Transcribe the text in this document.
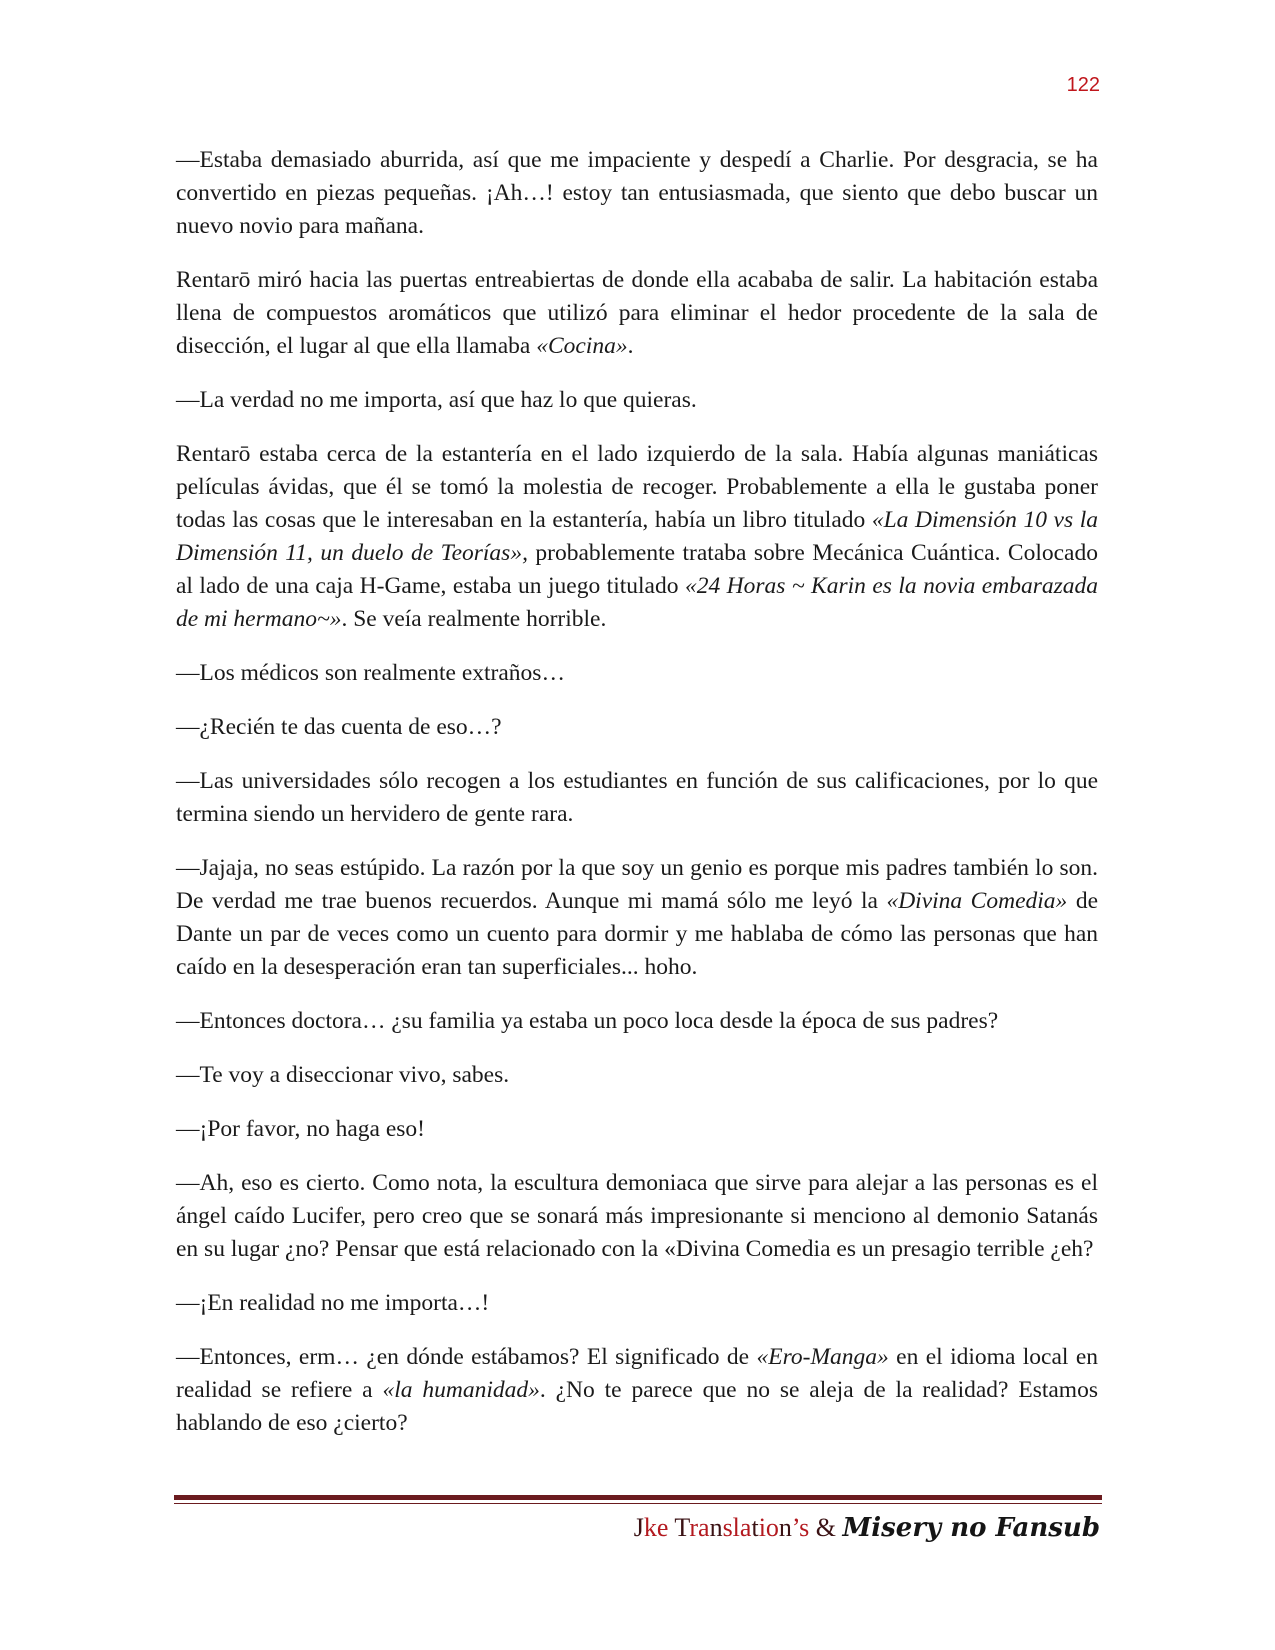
122

—Estaba demasiado aburrida, así que me impaciente y despedí a Charlie. Por desgracia, se ha convertido en piezas pequeñas. ¡Ah…! estoy tan entusiasmada, que siento que debo buscar un nuevo novio para mañana.

Rentarō miró hacia las puertas entreabiertas de donde ella acababa de salir. La habitación estaba llena de compuestos aromáticos que utilizó para eliminar el hedor procedente de la sala de disección, el lugar al que ella llamaba «Cocina».

—La verdad no me importa, así que haz lo que quieras.

Rentarō estaba cerca de la estantería en el lado izquierdo de la sala. Había algunas maniáticas películas ávidas, que él se tomó la molestia de recoger. Probablemente a ella le gustaba poner todas las cosas que le interesaban en la estantería, había un libro titulado «La Dimensión 10 vs la Dimensión 11, un duelo de Teorías», probablemente trataba sobre Mecánica Cuántica. Colocado al lado de una caja H-Game, estaba un juego titulado «24 Horas ~ Karin es la novia embarazada de mi hermano~». Se veía realmente horrible.

—Los médicos son realmente extraños…

—¿Recién te das cuenta de eso…?

—Las universidades sólo recogen a los estudiantes en función de sus calificaciones, por lo que termina siendo un hervidero de gente rara.

—Jajaja, no seas estúpido. La razón por la que soy un genio es porque mis padres también lo son. De verdad me trae buenos recuerdos. Aunque mi mamá sólo me leyó la «Divina Comedia» de Dante un par de veces como un cuento para dormir y me hablaba de cómo las personas que han caído en la desesperación eran tan superficiales... hoho.

—Entonces doctora… ¿su familia ya estaba un poco loca desde la época de sus padres?

—Te voy a diseccionar vivo, sabes.

—¡Por favor, no haga eso!

—Ah, eso es cierto. Como nota, la escultura demoniaca que sirve para alejar a las personas es el ángel caído Lucifer, pero creo que se sonará más impresionante si menciono al demonio Satanás en su lugar ¿no? Pensar que está relacionado con la «Divina Comedia es un presagio terrible ¿eh?

—¡En realidad no me importa…!

—Entonces, erm… ¿en dónde estábamos? El significado de «Ero-Manga» en el idioma local en realidad se refiere a «la humanidad». ¿No te parece que no se aleja de la realidad? Estamos hablando de eso ¿cierto?

Jke Translation’s & Misery no Fansub
